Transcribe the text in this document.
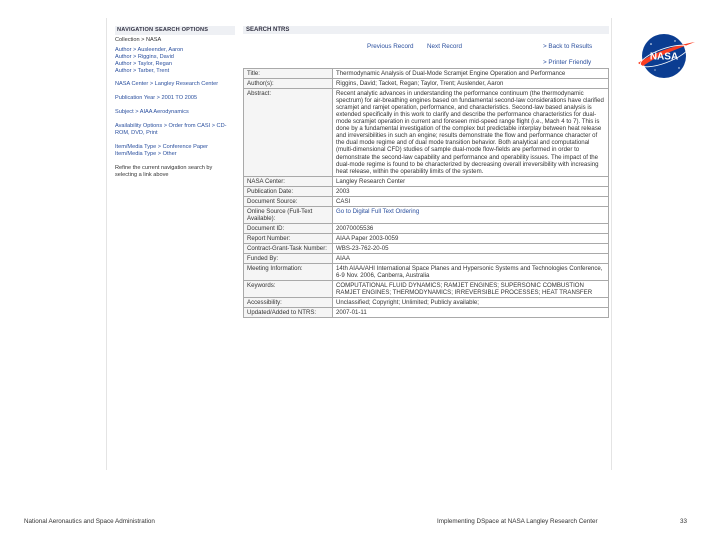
NAVIGATION SEARCH OPTIONS
Collection > NASA
Author > Ausleender, Aaron
Author > Riggins, David
Author > Taylor, Regan
Author > Tarber, Trent
NASA Center > Langley Research Center
Publication Year > 2001 TO 2005
Subject > AIAA Aerodynamics
Availability Options > Order from CASI > CD-ROM, DVD, Print
Item/Media Type > Conference Paper
Item/Media Type > Other
Refine the current navigation search by selecting a link above
SEARCH NTRS
Previous Record Next Record	> Back to Results
> Printer Friendly	NASA
Title:	Thermodynamic Analysis of Dual-Mode Scramjet Engine Operation and Performance
Author(s):	Riggins, David; Tacket, Regan; Taylor, Trent; Auslender, Aaron
Abstract:	Recent analytic advances in understanding the performance continuum (the thermodynamic spectrum) for air-breathing engines based on fundamental second-law considerations have clarified scramjet and ramjet operation, performance, and characteristics. Second-law based analysis is extended specifically in this work to clarify and describe the performance characteristics for dual-mode scramjet operation in current and foreseen mid-speed range flight (i.e., Mach 4 to 7). This is done by a fundamental investigation of the complex but predictable interplay between heat release and irreversibilities in such an engine; results demonstrate the flow and performance character of the dual mode regime and of dual mode transition behavior. Both analytical and computational (multi-dimensional CFD) studies of sample dual-mode flow-fields are performed in order to demonstrate the second-law capability and performance and operability issues. The impact of the dual-mode regime is found to be characterized by decreasing overall irreversibility with increasing heat release, within the operability limits of the system.
NASA Center:	Langley Research Center
Publication Date:	2003
Document Source:	CASI
Online Source (Full-Text Available):	Go to Digital Full Text Ordering
Document ID:	20070005536
Report Number:	AIAA Paper 2003-0059
Contract-Grant-Task Number:	WBS-23-762-20-05
Funded By:	AIAA
Meeting Information:	14th AIAA/AHI International Space Planes and Hypersonic Systems and Technologies Conference, 6-9 Nov. 2006, Canberra, Australia
Keywords:	COMPUTATIONAL FLUID DYNAMICS; RAMJET ENGINES; SUPERSONIC COMBUSTION RAMJET ENGINES; THERMODYNAMICS; IRREVERSIBLE PROCESSES; HEAT TRANSFER
Accessibility:	Unclassified; Copyright; Unlimited; Publicly available;
Updated/Added to NTRS:	2007-01-11
National Aeronautics and Space Administration	Implementing DSpace at NASA Langley Research Center	33
